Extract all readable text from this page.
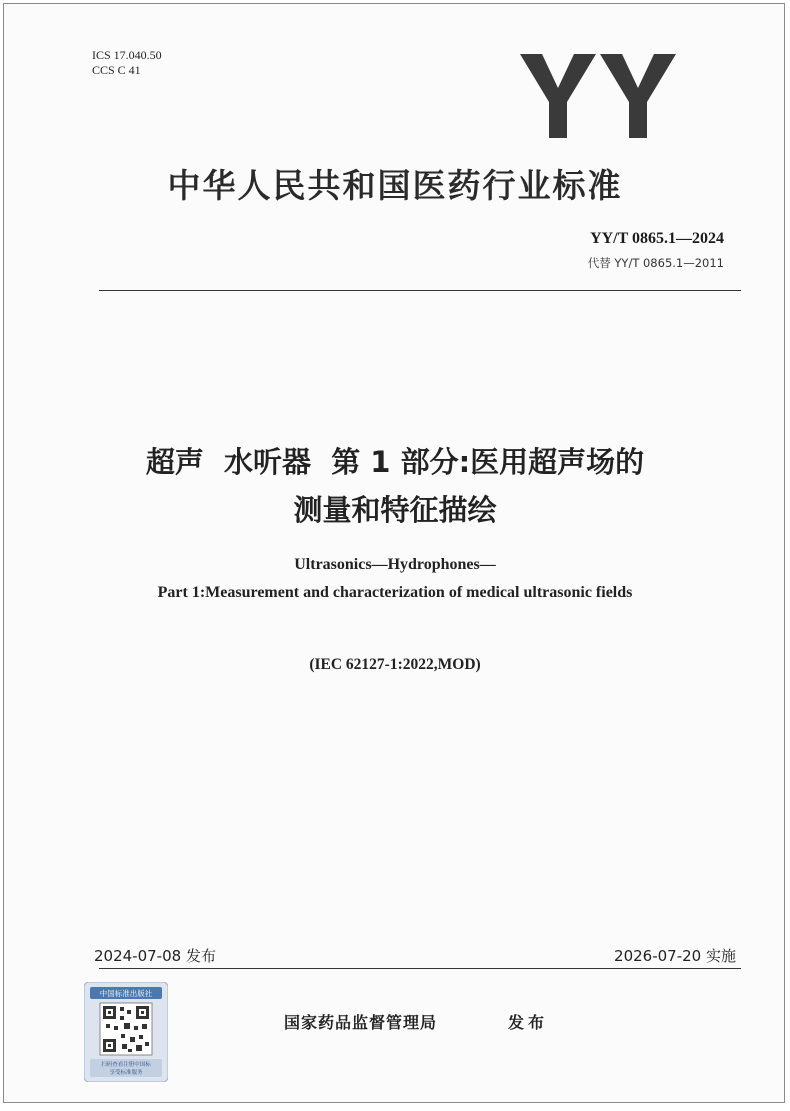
ICS 17.040.50
CCS C 41
中华人民共和国医药行业标准
YY/T 0865.1—2024
代替 YY/T 0865.1—2011
超声  水听器  第 1 部分:医用超声场的
测量和特征描绘
Ultrasonics—Hydrophones—
Part 1:Measurement and characterization of medical ultrasonic fields
(IEC 62127-1:2022,MOD)
2024-07-08 发布	2026-07-20 实施
中国标准出版社
扫码查看注册中国标
享受标准服务
国家药品监督管理局	发布
